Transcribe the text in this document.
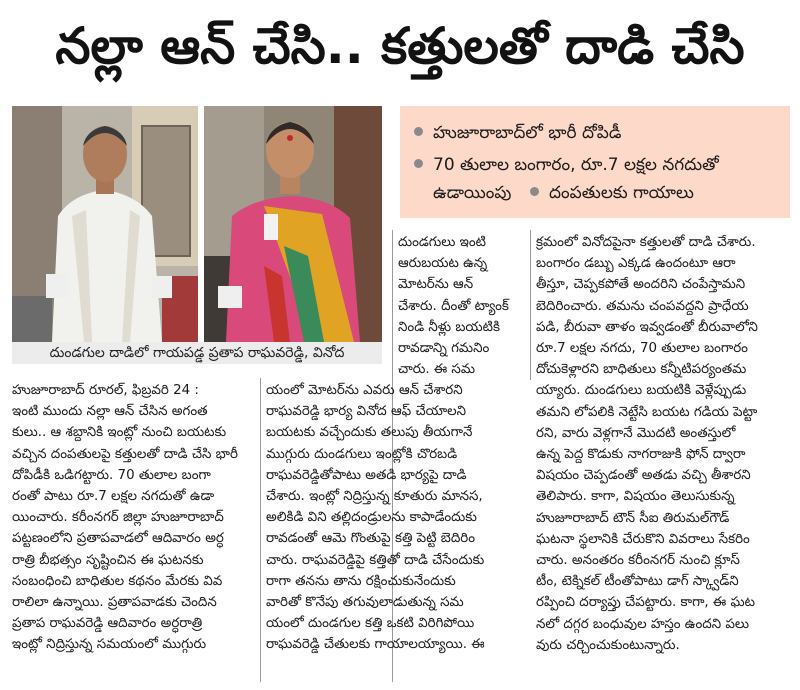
నల్లా ఆన్ చేసి.. కత్తులతో దాడి చేసి
దుండగుల దాడిలో గాయపడ్డ ప్రతాప రాఘవరెడ్డి, వినోద
హుజూరాబాద్‌లో భారీ దోపిడీ
70 తులాల బంగారం, రూ.7 లక్షల నగదుతో
ఉడాయింపు	దంపతులకు గాయాలు
దుండగులు ఇంటి
ఆరుబయట ఉన్న
మోటర్‌ను ఆన్
చేశారు. దీంతో ట్యాంక్
నిండి నీళ్లు బయటికి
రావడాన్ని గమనిం
చారు. ఈ సమ
హుజూరాబాద్ రూరల్, ఫిబ్రవరి 24 :
ఇంటి ముందు నల్లా ఆన్ చేసిన అగంత
కులు.. ఆ శబ్దానికి ఇంట్లో నుంచి బయటకు
వచ్చిన దంపతులపై కత్తులతో దాడి చేసి భారీ
దోపిడీకి ఒడిగట్టారు. 70 తులాల బంగా
రంతో పాటు రూ.7 లక్షల నగదుతో ఉడా
యించారు. కరీంనగర్ జిల్లా హుజూరాబాద్
పట్టణంలోని ప్రతాపవాడలో ఆదివారం అర్ధ
రాత్రి బీభత్సం సృష్టించిన ఈ ఘటనకు
సంబంధించి బాధితుల కథనం మేరకు వివ
రాలిలా ఉన్నాయి. ప్రతాపవాడకు చెందిన
ప్రతాప రాఘవరెడ్డి ఆదివారం అర్ధరాత్రి
ఇంట్లో నిద్రిస్తున్న సమయంలో ముగ్గురు
యంలో మోటర్‌ను ఎవరు ఆన్ చేశారని
రాఘవరెడ్డి భార్య వినోద ఆఫ్ చేయాలని
బయటకు వచ్చేందుకు తలుపు తీయగానే
ముగ్గురు దుండగులు ఇంట్లోకి చొరబడి
రాఘవరెడ్డితోపాటు అతడి భార్యపై దాడి
చేశారు. ఇంట్లో నిద్రిస్తున్న కూతురు మానస,
అలికిడి విని తల్లిదండ్రులను కాపాడేందుకు
రావడంతో ఆమె గొంతుపై కత్తి పెట్టి బెదిరిం
చారు. రాఘవరెడ్డిపై కత్తితో దాడి చేసేందుకు
రాగా తనను తాను రక్షించుకునేందుకు
వారితో కొనేపు తగువులాడుతున్న సమ
యంలో దుండగుల కత్తి ఒకటి విరిగిపోయి
రాఘవరెడ్డి చేతులకు గాయాలయ్యాయి. ఈ
క్రమంలో వినోదపైనా కత్తులతో దాడి చేశారు.
బంగారం డబ్బు ఎక్కడ ఉందంటూ ఆరా
తీస్తూ, చెప్పకపోతే అందరిని చంపేస్తామని
బెదిరించారు. తమను చంపవద్దని ప్రాధేయ
పడి, బీరువా తాళం ఇవ్వడంతో బీరువాలోని
రూ.7 లక్షల నగదు, 70 తులాల బంగారం
దోచుకెళ్లారని బాధితులు కన్నీటిపర్యంతమ
య్యారు. దుండగులు బయటికి వెళ్లేప్పుడు
తమని లోపలికి నెట్టేసి బయట గడియ పెట్టా
రని, వారు వెళ్లగానే మొదటి అంతస్తులో
ఉన్న పెద్ద కొడుకు నాగరాజుకి ఫోన్ ద్వారా
విషయం చెప్పడంతో అతడు వచ్చి తీశారని
తెలిపారు. కాగా, విషయం తెలుసుకున్న
హుజూరాబాద్ టౌన్ సీఐ తిరుమల్‌గౌడ్
ఘటనా స్థలానికి చేరుకొని వివరాలు సేకరిం
చారు. అనంతరం కరీంనగర్ నుంచి క్లూస్
టీం, టెక్నికల్ టీంతోపాటు డాగ్ స్క్వాడ్‌ని
రప్పించి దర్యాప్తు చేపట్టారు. కాగా, ఈ ఘట
నలో దగ్గర బంధువుల హస్తం ఉందని పలు
వురు చర్చించుకుంటున్నారు.
